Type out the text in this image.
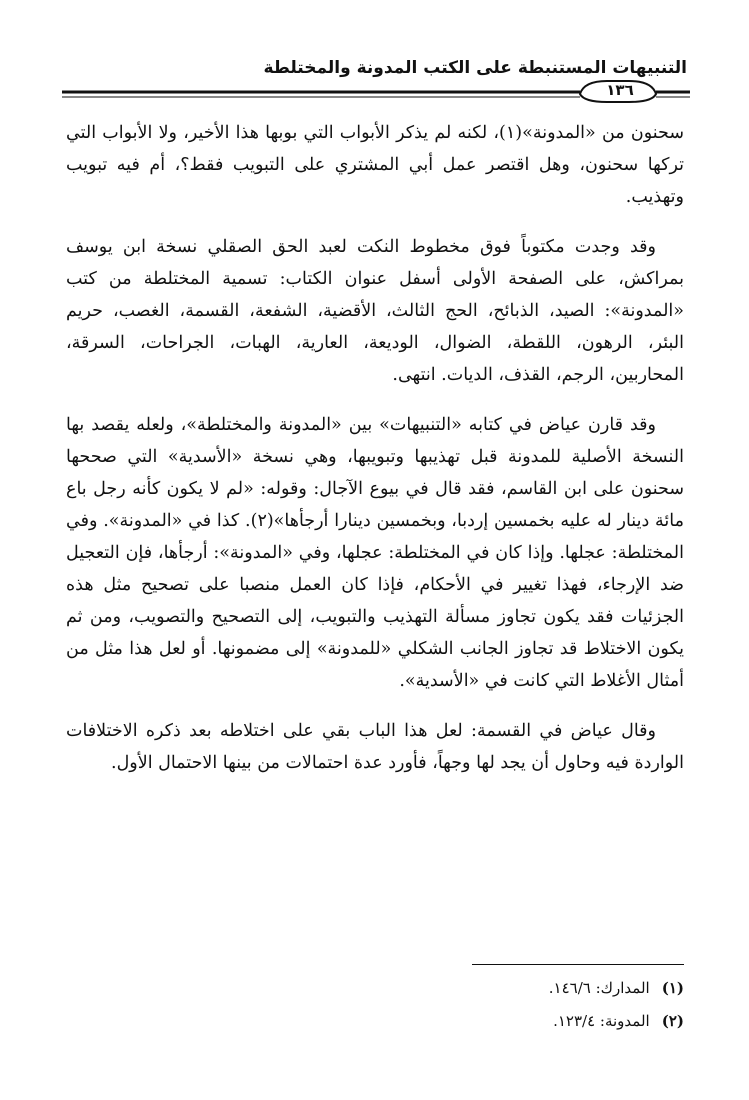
التنبيهات المستنبطة على الكتب المدونة والمختلطة
١٣٦

سحنون من «المدونة»(١)، لكنه لم يذكر الأبواب التي بوبها هذا الأخير، ولا الأبواب التي تركها سحنون، وهل اقتصر عمل أبي المشتري على التبويب فقط؟، أم فيه تبويب وتهذيب.

وقد وجدت مكتوباً فوق مخطوط النكت لعبد الحق الصقلي نسخة ابن يوسف بمراكش، على الصفحة الأولى أسفل عنوان الكتاب: تسمية المختلطة من كتب «المدونة»: الصيد، الذبائح، الحج الثالث، الأقضية، الشفعة، القسمة، الغصب، حريم البئر، الرهون، اللقطة، الضوال، الوديعة، العارية، الهبات، الجراحات، السرقة، المحاربين، الرجم، القذف، الديات. انتهى.

وقد قارن عياض في كتابه «التنبيهات» بين «المدونة والمختلطة»، ولعله يقصد بها النسخة الأصلية للمدونة قبل تهذيبها وتبويبها، وهي نسخة «الأسدية» التي صححها سحنون على ابن القاسم، فقد قال في بيوع الآجال: وقوله: «لم لا يكون كأنه رجل باع مائة دينار له عليه بخمسين إردبا، وبخمسين دينارا أرجأها»(٢). كذا في «المدونة». وفي المختلطة: عجلها. وإذا كان في المختلطة: عجلها، وفي «المدونة»: أرجأها، فإن التعجيل ضد الإرجاء، فهذا تغيير في الأحكام، فإذا كان العمل منصبا على تصحيح مثل هذه الجزئيات فقد يكون تجاوز مسألة التهذيب والتبويب، إلى التصحيح والتصويب، ومن ثم يكون الاختلاط قد تجاوز الجانب الشكلي «للمدونة» إلى مضمونها. أو لعل هذا مثل من أمثال الأغلاط التي كانت في «الأسدية».

وقال عياض في القسمة: لعل هذا الباب بقي على اختلاطه بعد ذكره الاختلافات الواردة فيه وحاول أن يجد لها وجهاً، فأورد عدة احتمالات من بينها الاحتمال الأول.

(١)المدارك: ١٤٦/٦.

(٢)المدونة: ١٢٣/٤.
